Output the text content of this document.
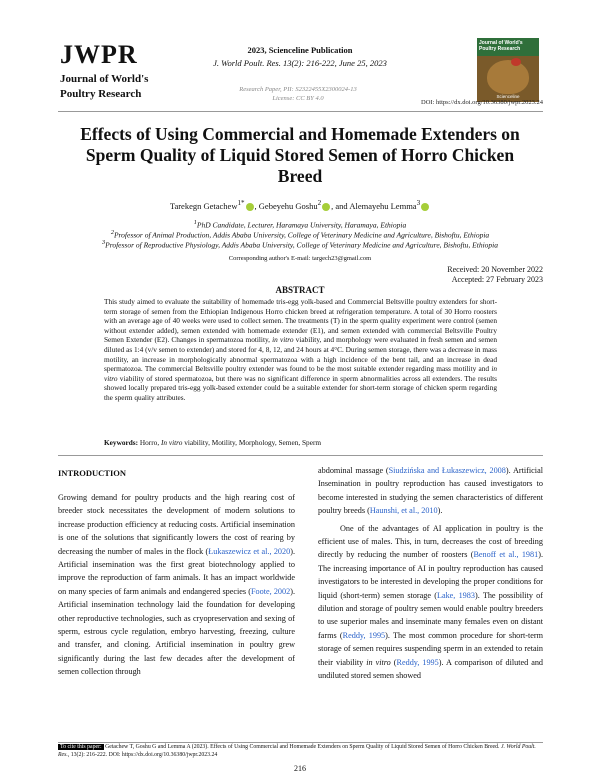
JWPR
Journal of World's
Poultry Research
2023, Scienceline Publication
J. World Poult. Res. 13(2): 216-222, June 25, 2023
Journal of World's Poultry Research
Scienceline
Research Paper, PII: S2322455X2300024-13
License: CC BY 4.0
DOI: https://dx.doi.org/10.36380/jwpr.2023.24
Effects of Using Commercial and Homemade Extenders on
Sperm Quality of Liquid Stored Semen of Horro Chicken
Breed
Tarekegn Getachew$^{1*}$ , Gebeyehu Goshu$^2$ , and Alemayehu Lemma$^3$
$^1$PhD Candidate, Lecturer, Haramaya University, Haramaya, Ethiopia
$^2$Professor of Animal Production, Addis Ababa University, College of Veterinary Medicine and Agriculture, Bishoftu, Ethiopia
$^3$Professor of Reproductive Physiology, Addis Ababa University, College of Veterinary Medicine and Agriculture, Bishoftu, Ethiopia
Corresponding author's E-mail: targech23@gmail.com
Received: 20 November 2022
Accepted: 27 February 2023
ABSTRACT
This study aimed to evaluate the suitability of homemade tris-egg yolk-based and Commercial Beltsville poultry extenders for short-term storage of semen from the Ethiopian Indigenous Horro chicken breed at refrigeration temperature. A total of 30 Horro roosters with an average age of 40 weeks were used to collect semen. The treatments (T) in the sperm quality experiment were control (semen without extender added), semen extended with homemade extender (E1), and semen extended with commercial Beltsville Poultry Semen Extender (E2). Changes in spermatozoa motility, in vitro viability, and morphology were evaluated in fresh semen and semen diluted as 1:4 (v/v semen to extender) and stored for 4, 8, 12, and 24 hours at 4°C. During semen storage, there was a decrease in mass motility, an increase in morphologically abnormal spermatozoa with a high incidence of the bent tail, and an increase in dead spermatozoa. The commercial Beltsville poultry extender was found to be the most suitable extender regarding mass motility and in vitro viability of stored spermatozoa, but there was no significant difference in sperm abnormalities across all extenders. The results showed locally prepared tris-egg yolk-based extender could be a suitable extender for short-term storage of chicken sperm regarding the sperm quality attributes.
Keywords: Horro, In vitro viability, Motility, Morphology, Semen, Sperm
INTRODUCTION
Growing demand for poultry products and the high rearing cost of breeder stock necessitates the development of modern solutions to increase production efficiency at reducing costs. Artificial insemination is one of the solutions that significantly lowers the cost of rearing by decreasing the number of males in the flock (Łukaszewicz et al., 2020). Artificial insemination was the first great biotechnology applied to improve the reproduction of farm animals. It has an impact worldwide on many species of farm animals and endangered species (Foote, 2002). Artificial insemination technology laid the foundation for developing other reproductive technologies, such as cryopreservation and sexing of sperm, estrous cycle regulation, embryo harvesting, freezing, culture and transfer, and cloning. Artificial insemination in poultry grew significantly during the last few decades after the development of semen collection through
abdominal massage (Siudzińska and Łukaszewicz, 2008). Artificial Insemination in poultry reproduction has caused investigators to become interested in studying the semen characteristics of different poultry breeds (Haunshi, et al., 2010).
One of the advantages of AI application in poultry is the efficient use of males. This, in turn, decreases the cost of breeding directly by reducing the number of roosters (Benoff et al., 1981). The increasing importance of AI in poultry reproduction has caused investigators to be interested in developing the proper conditions for liquid (short-term) semen storage (Lake, 1983). The possibility of dilution and storage of poultry semen would enable poultry breeders to use superior males and inseminate many females even on distant farms (Reddy, 1995). The most common procedure for short-term storage of semen requires suspending sperm in an extended to retain their viability in vitro (Reddy, 1995). A comparison of diluted and undiluted stored semen showed
To cite this paper: Getachew T, Goshu G and Lemma A (2023). Effects of Using Commercial and Homemade Extenders on Sperm Quality of Liquid Stored Semen of Horro Chicken Breed. J. World Poult. Res., 13(2): 216-222. DOI: https://dx.doi.org/10.36380/jwpr.2023.24
216
